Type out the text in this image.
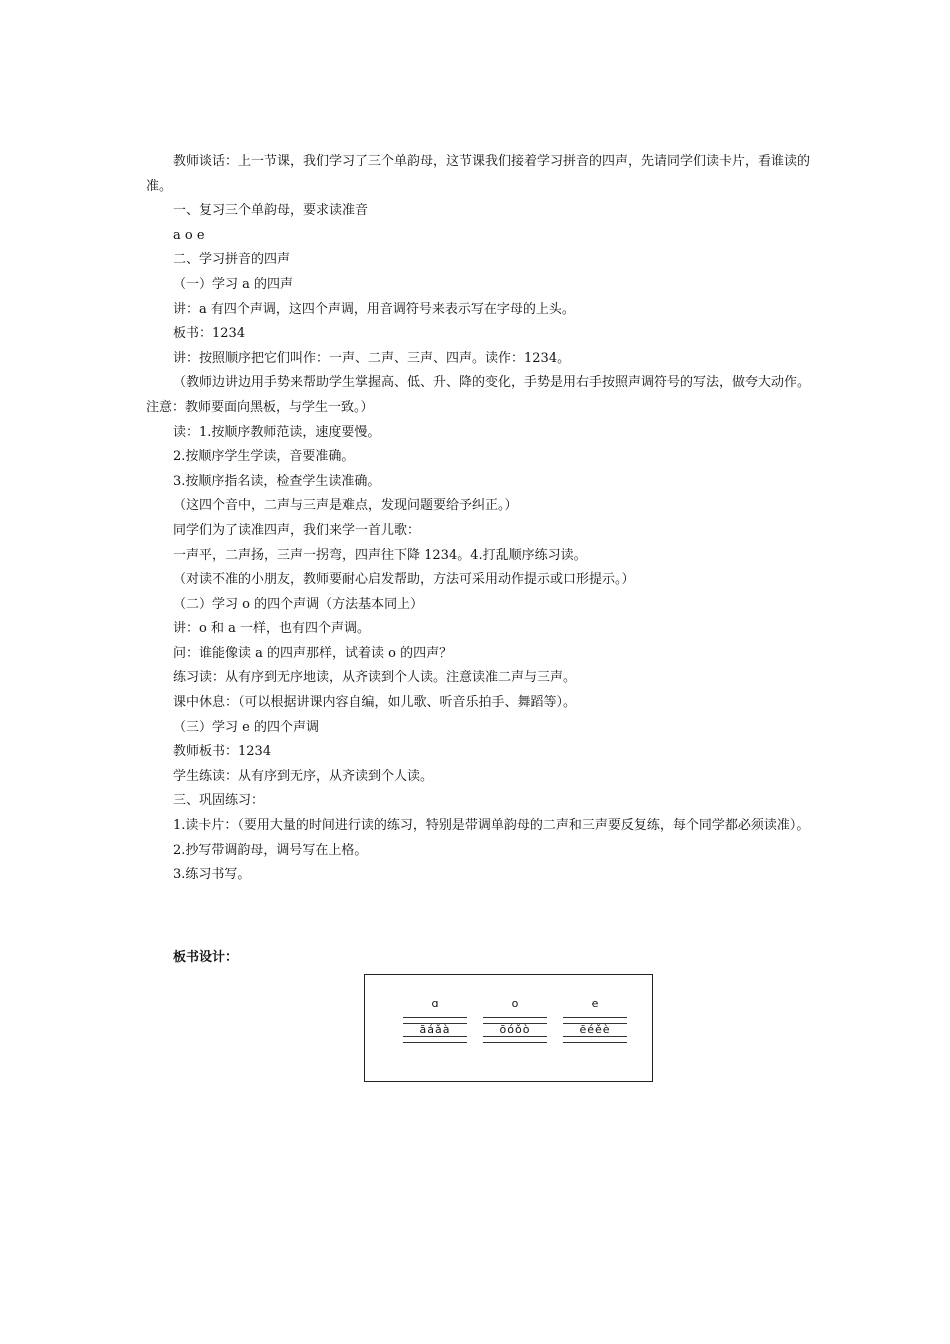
教师谈话：上一节课，我们学习了三个单韵母，这节课我们接着学习拼音的四声，先请同学们读卡片，看谁读的准。

一、复习三个单韵母，要求读准音

a o e

二、学习拼音的四声

（一）学习 a 的四声

讲：a 有四个声调，这四个声调，用音调符号来表示写在字母的上头。

板书：1234

讲：按照顺序把它们叫作：一声、二声、三声、四声。读作：1234。

（教师边讲边用手势来帮助学生掌握高、低、升、降的变化，手势是用右手按照声调符号的写法，做夸大动作。注意：教师要面向黑板，与学生一致。）

读：1.按顺序教师范读，速度要慢。

2.按顺序学生学读，音要准确。

3.按顺序指名读，检查学生读准确。

（这四个音中，二声与三声是难点，发现问题要给予纠正。）

同学们为了读准四声，我们来学一首儿歌：

一声平，二声扬，三声一拐弯，四声往下降 1234。4.打乱顺序练习读。

（对读不准的小朋友，教师要耐心启发帮助，方法可采用动作提示或口形提示。）

（二）学习 o 的四个声调（方法基本同上）

讲：o 和 a 一样，也有四个声调。

问：谁能像读 a 的四声那样，试着读 o 的四声？

练习读：从有序到无序地读，从齐读到个人读。注意读准二声与三声。

课中休息：（可以根据讲课内容自编，如儿歌、听音乐拍手、舞蹈等）。

（三）学习 e 的四个声调

教师板书：1234

学生练读：从有序到无序，从齐读到个人读。

三、巩固练习：

1.读卡片：（要用大量的时间进行读的练习，特别是带调单韵母的二声和三声要反复练，每个同学都必须读准）。

2.抄写带调韵母，调号写在上格。

3.练习书写。

板书设计：
ɑ
āáǎà
o
ōóǒò
e
ēéěè
